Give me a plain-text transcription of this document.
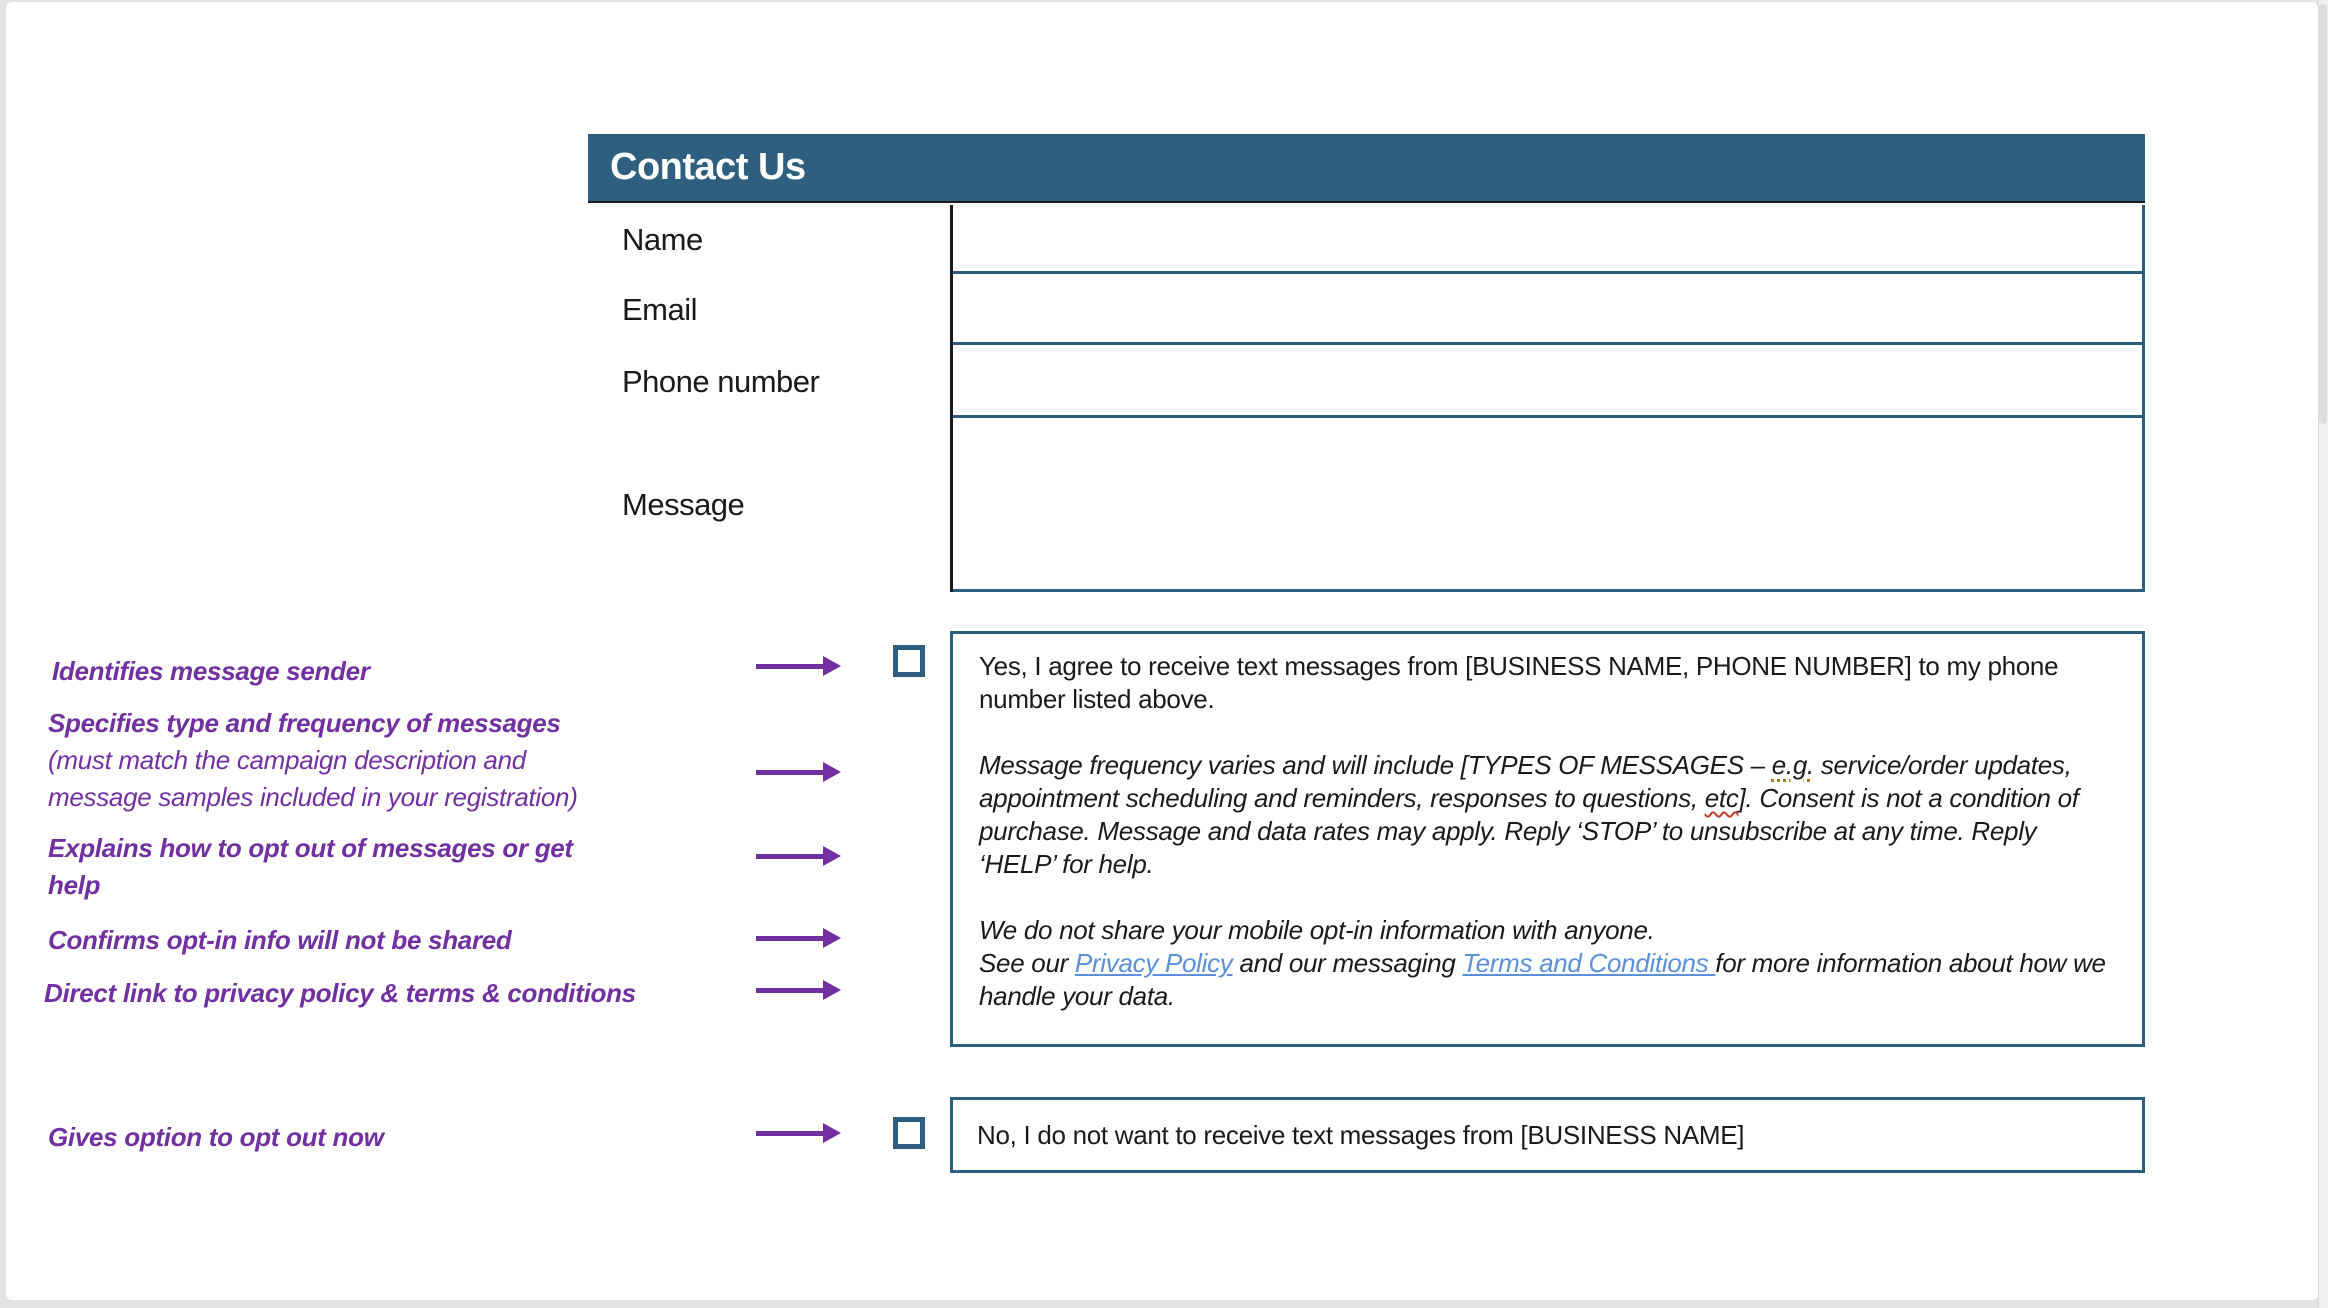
Contact Us
Name
Email
Phone number
Message
Identifies message sender
Specifies type and frequency of messages
(must match the campaign description and
message samples included in your registration)
Explains how to opt out of messages or get
help
Confirms opt-in info will not be shared
Direct link to privacy policy & terms & conditions
Gives option to opt out now

Yes, I agree to receive text messages from [BUSINESS NAME, PHONE NUMBER] to my phone number listed above.

Message frequency varies and will include [TYPES OF MESSAGES – e.g. service/order updates, appointment scheduling and reminders, responses to questions, etc]. Consent is not a condition of purchase. Message and data rates may apply. Reply ‘STOP’ to unsubscribe at any time. Reply ‘HELP’ for help.

We do not share your mobile opt-in information with anyone.
See our Privacy Policy and our messaging Terms and Conditions for more information about how we handle your data.

No, I do not want to receive text messages from [BUSINESS NAME]
